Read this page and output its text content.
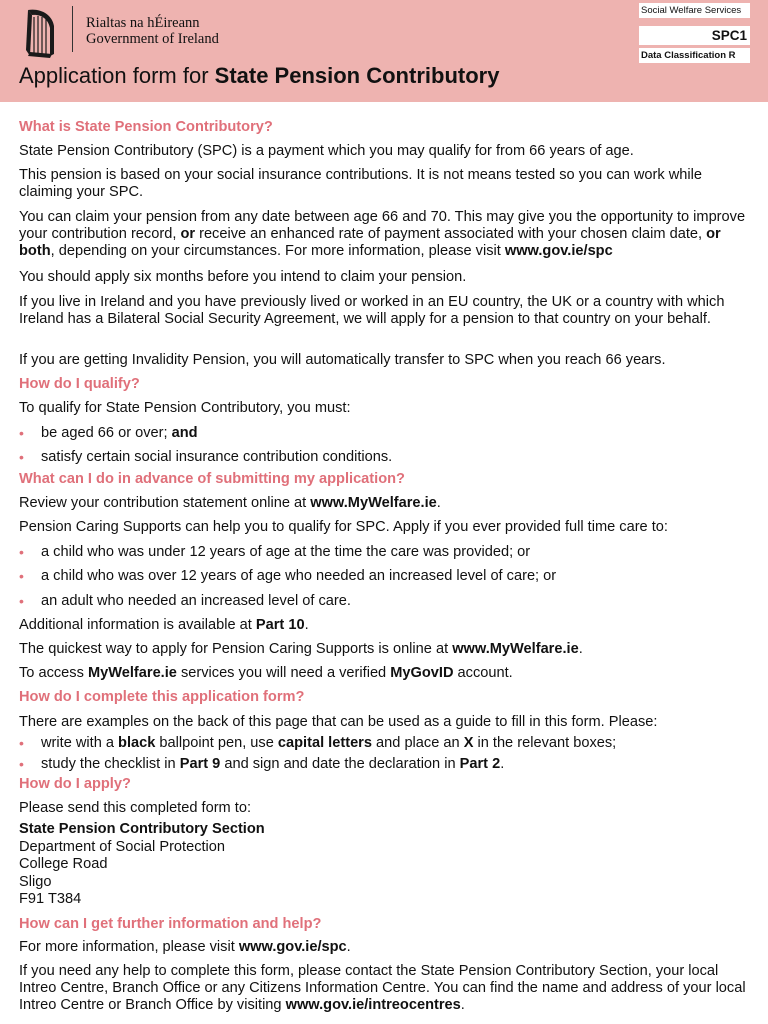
Rialtas na hÉireann
Government of Ireland
Application form for State Pension Contributory
Social Welfare Services
SPC1
Data Classification R
What is State Pension Contributory?
State Pension Contributory (SPC) is a payment which you may qualify for from 66 years of age.
This pension is based on your social insurance contributions. It is not means tested so you can work while claiming your SPC.
You can claim your pension from any date between age 66 and 70. This may give you the opportunity to improve your contribution record, or receive an enhanced rate of payment associated with your chosen claim date, or both, depending on your circumstances. For more information, please visit www.gov.ie/spc
You should apply six months before you intend to claim your pension.
If you live in Ireland and you have previously lived or worked in an EU country, the UK or a country with which Ireland has a Bilateral Social Security Agreement, we will apply for a pension to that country on your behalf.
If you are getting Invalidity Pension, you will automatically transfer to SPC when you reach 66 years.
How do I qualify?
To qualify for State Pension Contributory, you must:
• be aged 66 or over; and
• satisfy certain social insurance contribution conditions.
What can I do in advance of submitting my application?
Review your contribution statement online at www.MyWelfare.ie.
Pension Caring Supports can help you to qualify for SPC. Apply if you ever provided full time care to:
• a child who was under 12 years of age at the time the care was provided; or
• a child who was over 12 years of age who needed an increased level of care; or
• an adult who needed an increased level of care.
Additional information is available at Part 10.
The quickest way to apply for Pension Caring Supports is online at www.MyWelfare.ie.
To access MyWelfare.ie services you will need a verified MyGovID account.
How do I complete this application form?
There are examples on the back of this page that can be used as a guide to fill in this form. Please:
• write with a black ballpoint pen, use capital letters and place an X in the relevant boxes;
• study the checklist in Part 9 and sign and date the declaration in Part 2.
How do I apply?
Please send this completed form to:
State Pension Contributory Section
Department of Social Protection
College Road
Sligo
F91 T384
How can I get further information and help?
For more information, please visit www.gov.ie/spc.
If you need any help to complete this form, please contact the State Pension Contributory Section, your local Intreo Centre, Branch Office or any Citizens Information Centre. You can find the name and address of your local Intreo Centre or Branch Office by visiting www.gov.ie/intreocentres.
